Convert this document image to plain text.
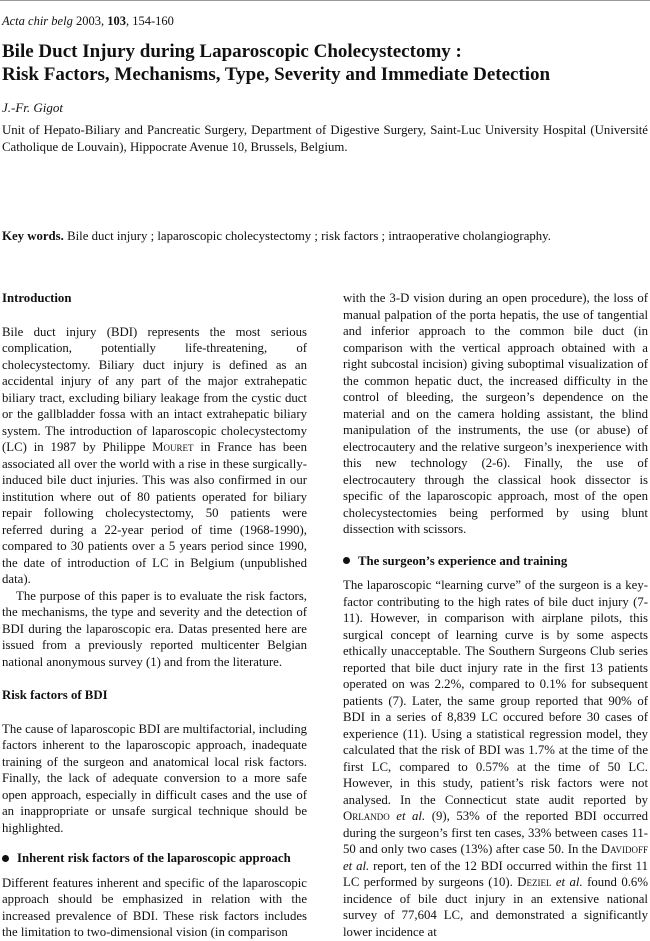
Acta chir belg 2003, 103, 154-160
Bile Duct Injury during Laparoscopic Cholecystectomy :
Risk Factors, Mechanisms, Type, Severity and Immediate Detection
J.-Fr. Gigot
Unit of Hepato-Biliary and Pancreatic Surgery, Department of Digestive Surgery, Saint-Luc University Hospital (Université Catholique de Louvain), Hippocrate Avenue 10, Brussels, Belgium.
Key words. Bile duct injury ; laparoscopic cholecystectomy ; risk factors ; intraoperative cholangiography.
Introduction

Bile duct injury (BDI) represents the most serious complication, potentially life-threatening, of cholecystectomy. Biliary duct injury is defined as an accidental injury of any part of the major extrahepatic biliary tract, excluding biliary leakage from the cystic duct or the gallbladder fossa with an intact extrahepatic biliary system. The introduction of laparoscopic cholecystectomy (LC) in 1987 by Philippe Mouret in France has been associated all over the world with a rise in these surgically-induced bile duct injuries. This was also confirmed in our institution where out of 80 patients operated for biliary repair following cholecystectomy, 50 patients were referred during a 22-year period of time (1968-1990), compared to 30 patients over a 5 years period since 1990, the date of introduction of LC in Belgium (unpublished data).

The purpose of this paper is to evaluate the risk factors, the mechanisms, the type and severity and the detection of BDI during the laparoscopic era. Datas presented here are issued from a previously reported multicenter Belgian national anonymous survey (1) and from the literature.

Risk factors of BDI

The cause of laparoscopic BDI are multifactorial, including factors inherent to the laparoscopic approach, inadequate training of the surgeon and anatomical local risk factors. Finally, the lack of adequate conversion to a more safe open approach, especially in difficult cases and the use of an inappropriate or unsafe surgical technique should be highlighted.

Inherent risk factors of the laparoscopic approach

Different features inherent and specific of the laparoscopic approach should be emphasized in relation with the increased prevalence of BDI. These risk factors includes the limitation to two-dimensional vision (in comparison

with the 3-D vision during an open procedure), the loss of manual palpation of the porta hepatis, the use of tangential and inferior approach to the common bile duct (in comparison with the vertical approach obtained with a right subcostal incision) giving suboptimal visualization of the common hepatic duct, the increased difficulty in the control of bleeding, the surgeon’s dependence on the material and on the camera holding assistant, the blind manipulation of the instruments, the use (or abuse) of electrocautery and the relative surgeon’s inexperience with this new technology (2-6). Finally, the use of electrocautery through the classical hook dissector is specific of the laparoscopic approach, most of the open cholecystectomies being performed by using blunt dissection with scissors.

The surgeon’s experience and training

The laparoscopic “learning curve” of the surgeon is a key-factor contributing to the high rates of bile duct injury (7-11). However, in comparison with airplane pilots, this surgical concept of learning curve is by some aspects ethically unacceptable. The Southern Surgeons Club series reported that bile duct injury rate in the first 13 patients operated on was 2.2%, compared to 0.1% for subsequent patients (7). Later, the same group reported that 90% of BDI in a series of 8,839 LC occured before 30 cases of experience (11). Using a statistical regression model, they calculated that the risk of BDI was 1.7% at the time of the first LC, compared to 0.57% at the time of 50 LC. However, in this study, patient’s risk factors were not analysed. In the Connecticut state audit reported by Orlando et al. (9), 53% of the reported BDI occurred during the surgeon’s first ten cases, 33% between cases 11-50 and only two cases (13%) after case 50. In the Davidoff et al. report, ten of the 12 BDI occurred within the first 11 LC performed by surgeons (10). Deziel et al. found 0.6% incidence of bile duct injury in an extensive national survey of 77,604 LC, and demonstrated a significantly lower incidence at
